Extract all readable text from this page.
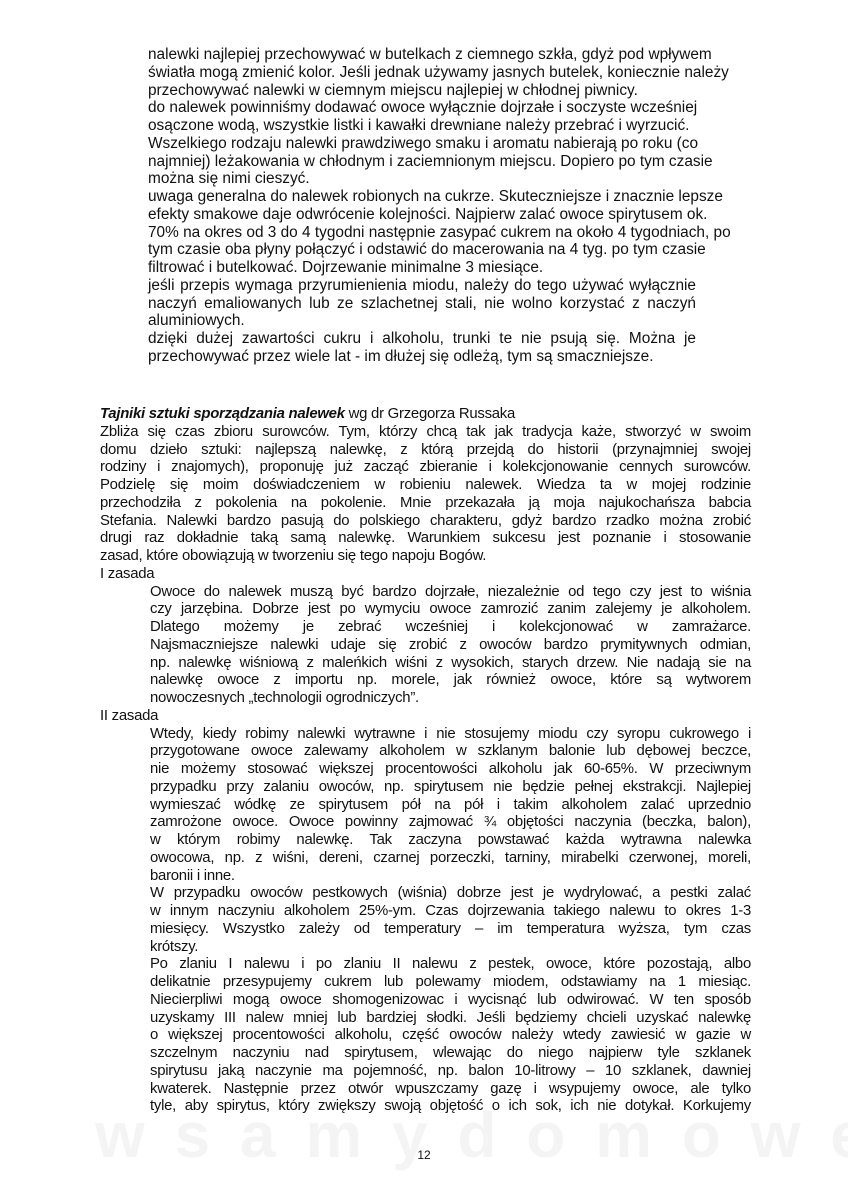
nalewki najlepiej przechowywać w butelkach z ciemnego szkła, gdyż pod wpływem
światła mogą zmienić kolor. Jeśli jednak używamy jasnych butelek, koniecznie należy
przechowywać nalewki w ciemnym miejscu najlepiej w chłodnej piwnicy.
do nalewek powinniśmy dodawać owoce wyłącznie dojrzałe i soczyste wcześniej
osączone wodą, wszystkie listki i kawałki drewniane należy przebrać i wyrzucić.
Wszelkiego rodzaju nalewki prawdziwego smaku i aromatu nabierają po roku (co
najmniej) leżakowania w chłodnym i zaciemnionym miejscu. Dopiero po tym czasie
można się nimi cieszyć.
uwaga generalna do nalewek robionych na cukrze. Skuteczniejsze i znacznie lepsze
efekty smakowe daje odwrócenie kolejności. Najpierw zalać owoce spirytusem ok.
70% na okres od 3 do 4 tygodni następnie zasypać cukrem na około 4 tygodniach, po
tym czasie oba płyny połączyć i odstawić do macerowania na 4 tyg. po tym czasie
filtrować i butelkować. Dojrzewanie minimalne 3 miesiące.
jeśli przepis wymaga przyrumienienia miodu, należy do tego używać wyłącznie
naczyń emaliowanych lub ze szlachetnej stali, nie wolno korzystać z naczyń
aluminiowych.
dzięki dużej zawartości cukru i alkoholu, trunki te nie psują się. Można je
przechowywać przez wiele lat - im dłużej się odleżą, tym są smaczniejsze.
Tajniki sztuki sporządzania nalewek wg dr Grzegorza Russaka
Zbliża się czas zbioru surowców. Tym, którzy chcą tak jak tradycja każe, stworzyć w swoim
domu dzieło sztuki: najlepszą nalewkę, z którą przejdą do historii (przynajmniej swojej
rodziny i znajomych), proponuję już zacząć zbieranie i kolekcjonowanie cennych surowców.
Podzielę się moim doświadczeniem w robieniu nalewek. Wiedza ta w mojej rodzinie
przechodziła z pokolenia na pokolenie. Mnie przekazała ją moja najukochańsza babcia
Stefania. Nalewki bardzo pasują do polskiego charakteru, gdyż bardzo rzadko można zrobić
drugi raz dokładnie taką samą nalewkę. Warunkiem sukcesu jest poznanie i stosowanie
zasad, które obowiązują w tworzeniu się tego napoju Bogów.
I zasada
Owoce do nalewek muszą być bardzo dojrzałe, niezależnie od tego czy jest to wiśnia
czy jarzębina. Dobrze jest po wymyciu owoce zamrozić zanim zalejemy je alkoholem.
Dlatego możemy je zebrać wcześniej i kolekcjonować w zamrażarce.
Najsmaczniejsze nalewki udaje się zrobić z owoców bardzo prymitywnych odmian,
np. nalewkę wiśniową z maleńkich wiśni z wysokich, starych drzew. Nie nadają sie na
nalewkę owoce z importu np. morele, jak również owoce, które są wytworem
nowoczesnych „technologii ogrodniczych”.
II zasada
Wtedy, kiedy robimy nalewki wytrawne i nie stosujemy miodu czy syropu cukrowego i
przygotowane owoce zalewamy alkoholem w szklanym balonie lub dębowej beczce,
nie możemy stosować większej procentowości alkoholu jak 60-65%. W przeciwnym
przypadku przy zalaniu owoców, np. spirytusem nie będzie pełnej ekstrakcji. Najlepiej
wymieszać wódkę ze spirytusem pół na pół i takim alkoholem zalać uprzednio
zamrożone owoce. Owoce powinny zajmować ¾ objętości naczynia (beczka, balon),
w którym robimy nalewkę. Tak zaczyna powstawać każda wytrawna nalewka
owocowa, np. z wiśni, dereni, czarnej porzeczki, tarniny, mirabelki czerwonej, moreli,
baronii i inne.
W przypadku owoców pestkowych (wiśnia) dobrze jest je wydrylować, a pestki zalać
w innym naczyniu alkoholem 25%-ym. Czas dojrzewania takiego nalewu to okres 1-3
miesięcy. Wszystko zależy od temperatury – im temperatura wyższa, tym czas
krótszy.
Po zlaniu I nalewu i po zlaniu II nalewu z pestek, owoce, które pozostają, albo
delikatnie przesypujemy cukrem lub polewamy miodem, odstawiamy na 1 miesiąc.
Niecierpliwi mogą owoce shomogenizowac i wycisnąć lub odwirować. W ten sposób
uzyskamy III nalew mniej lub bardziej słodki. Jeśli będziemy chcieli uzyskać nalewkę
o większej procentowości alkoholu, część owoców należy wtedy zawiesić w gazie w
szczelnym naczyniu nad spirytusem, wlewając do niego najpierw tyle szklanek
spirytusu jaką naczynie ma pojemność, np. balon 10-litrowy – 10 szklanek, dawniej
kwaterek. Następnie przez otwór wpuszczamy gazę i wsypujemy owoce, ale tylko
tyle, aby spirytus, który zwiększy swoją objętość o ich sok, ich nie dotykał. Korkujemy
12
